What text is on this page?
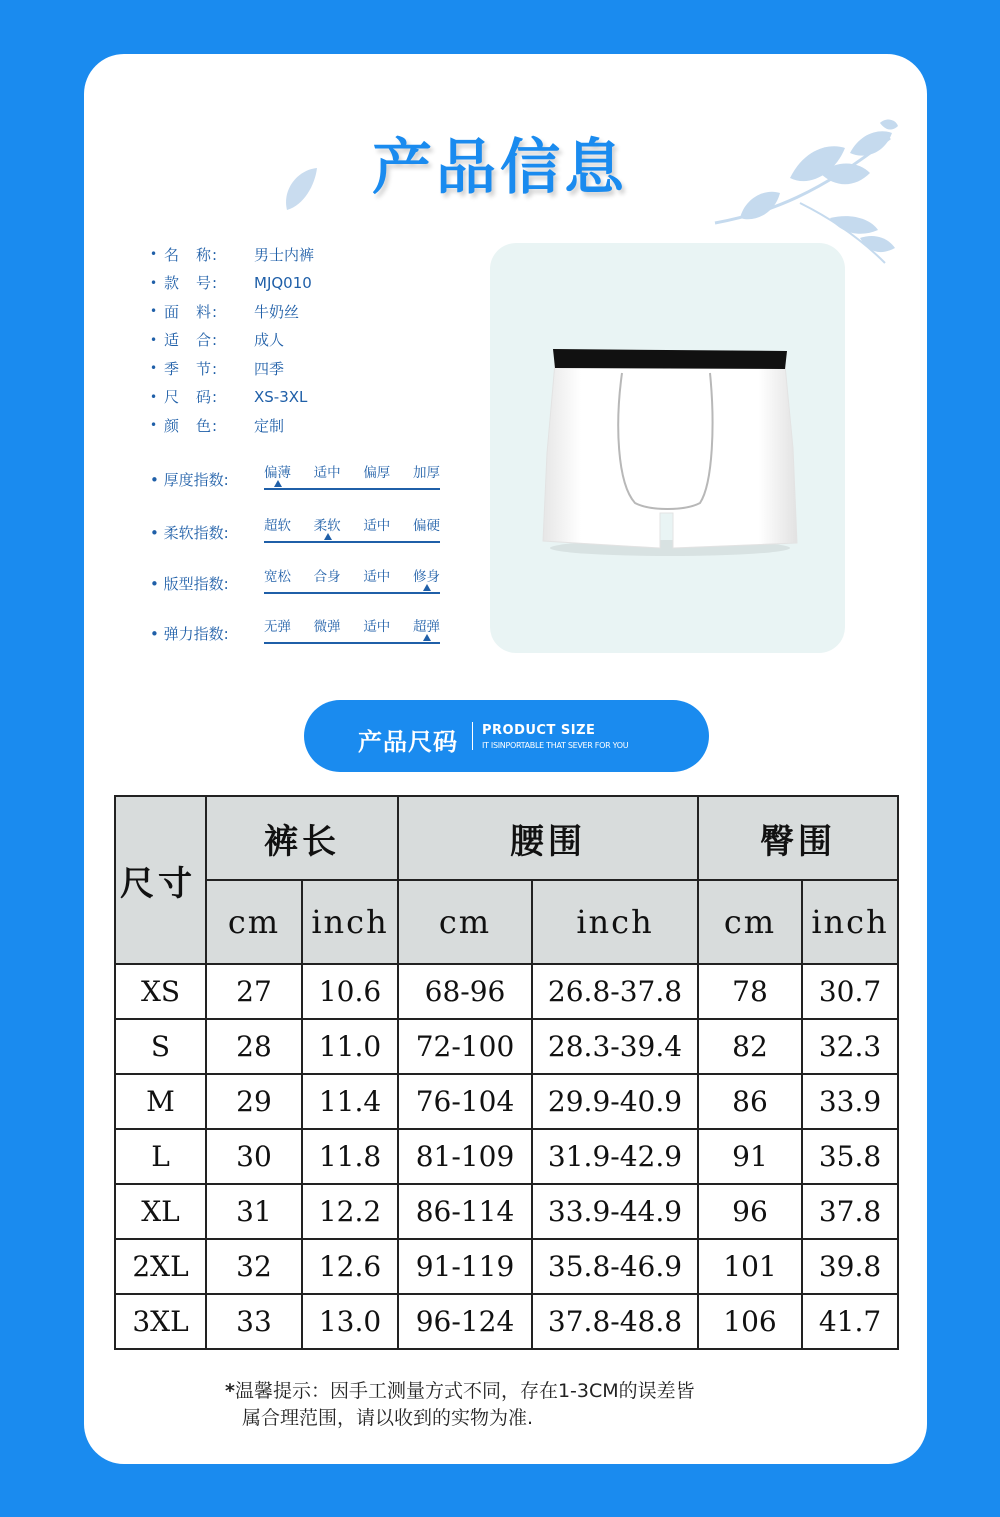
产品信息
• 名　称:	男士内裤
• 款　号:	MJQ010
• 面　料:	牛奶丝
• 适　合:	成人
• 季　节:	四季
• 尺　码:	XS-3XL
• 颜　色:	定制
• 厚度指数:	偏薄 适中 偏厚 加厚
• 柔软指数:	超软 柔软 适中 偏硬
• 版型指数:	宽松 合身 适中 修身
• 弹力指数:	无弹 微弹 适中 超弹
产品尺码 PRODUCT SIZE
IT ISINPORTABLE THAT SEVER FOR YOU
尺寸	裤长		腰围		臀围	
	cm	inch	cm	inch	cm	inch
XS	27	10.6	68-96	26.8-37.8	78	30.7
S	28	11.0	72-100	28.3-39.4	82	32.3
M	29	11.4	76-104	29.9-40.9	86	33.9
L	30	11.8	81-109	31.9-42.9	91	35.8
XL	31	12.2	86-114	33.9-44.9	96	37.8
2XL	32	12.6	91-119	35.8-46.9	101	39.8
3XL	33	13.0	96-124	37.8-48.8	106	41.7
*温馨提示：因手工测量方式不同，存在1-3CM的误差皆
属合理范围，请以收到的实物为准.
